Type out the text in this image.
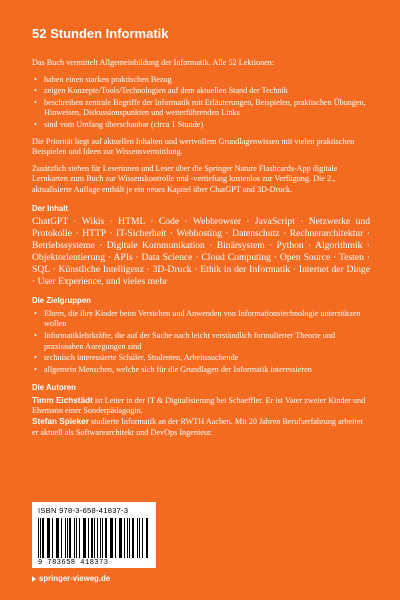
52 Stunden Informatik

Das Buch vermittelt Allgemeinbildung der Informatik. Alle 52 Lektionen:

• haben einen starken praktischen Bezug
• zeigen Konzepte/Tools/Technologien auf dem aktuellen Stand der Technik
• beschreiben zentrale Begriffe der Informatik mit Erläuterungen, Beispielen, praktischen Übungen, Hinweisen, Diskussionspunkten und weiterführenden Links
• sind vom Umfang überschaubar (circa 1 Stunde)

Die Priorität liegt auf aktuellen Inhalten und wertvollem Grundlagenwissen mit vielen praktischen Beispielen und Ideen zur Wissensvermittlung.

Zusätzlich stehen für Leserinnen und Leser über die Springer Nature Flashcards-App digitale Lernkarten zum Buch zur Wissenskontrolle und -vertiefung kostenlos zur Verfügung. Die 2., aktualisierte Auflage enthält je ein neues Kapitel über ChatGPT und 3D-Druck.

Der Inhalt
ChatGPT · Wikis · HTML · Code · Webbrowser · JavaScript · Netzwerke und Protokolle · HTTP · IT-Sicherheit · Webhosting · Datenschutz · Rechnerarchitektur · Betriebssysteme · Digitale Kommunikation · Binärsystem · Python · Algorithmik · Objektorientierung · APIs · Data Science · Cloud Computing · Open Source · Testen · SQL · Künstliche Intelligenz · 3D-Druck · Ethik in der Informatik · Internet der Dinge · User Experience, und vieles mehr
Die Zielgruppen
• Eltern, die ihre Kinder beim Verstehen und Anwenden von Informationstechnologie unterstützen wollen
• Informatiklehrkräfte, die auf der Suche nach leicht verständlich formulierter Theorie und praxisnahen Anregungen sind
• technisch interessierte Schüler, Studenten, Arbeitssuchende
• allgemein Menschen, welche sich für die Grundlagen der Informatik interessieren
Die Autoren

Timm Eichstädt ist Leiter in der IT & Digitalisierung bei Schaeffler. Er ist Vater zweier Kinder und Ehemann einer Sonderpädagogin.

Stefan Spieker studierte Informatik an der RWTH Aachen. Mit 20 Jahren Berufserfahrung arbeitet er aktuell als Softwarearchitekt und DevOps Ingenieur.

ISBN 978-3-658-41837-3
9 783658 418373
springer-vieweg.de
